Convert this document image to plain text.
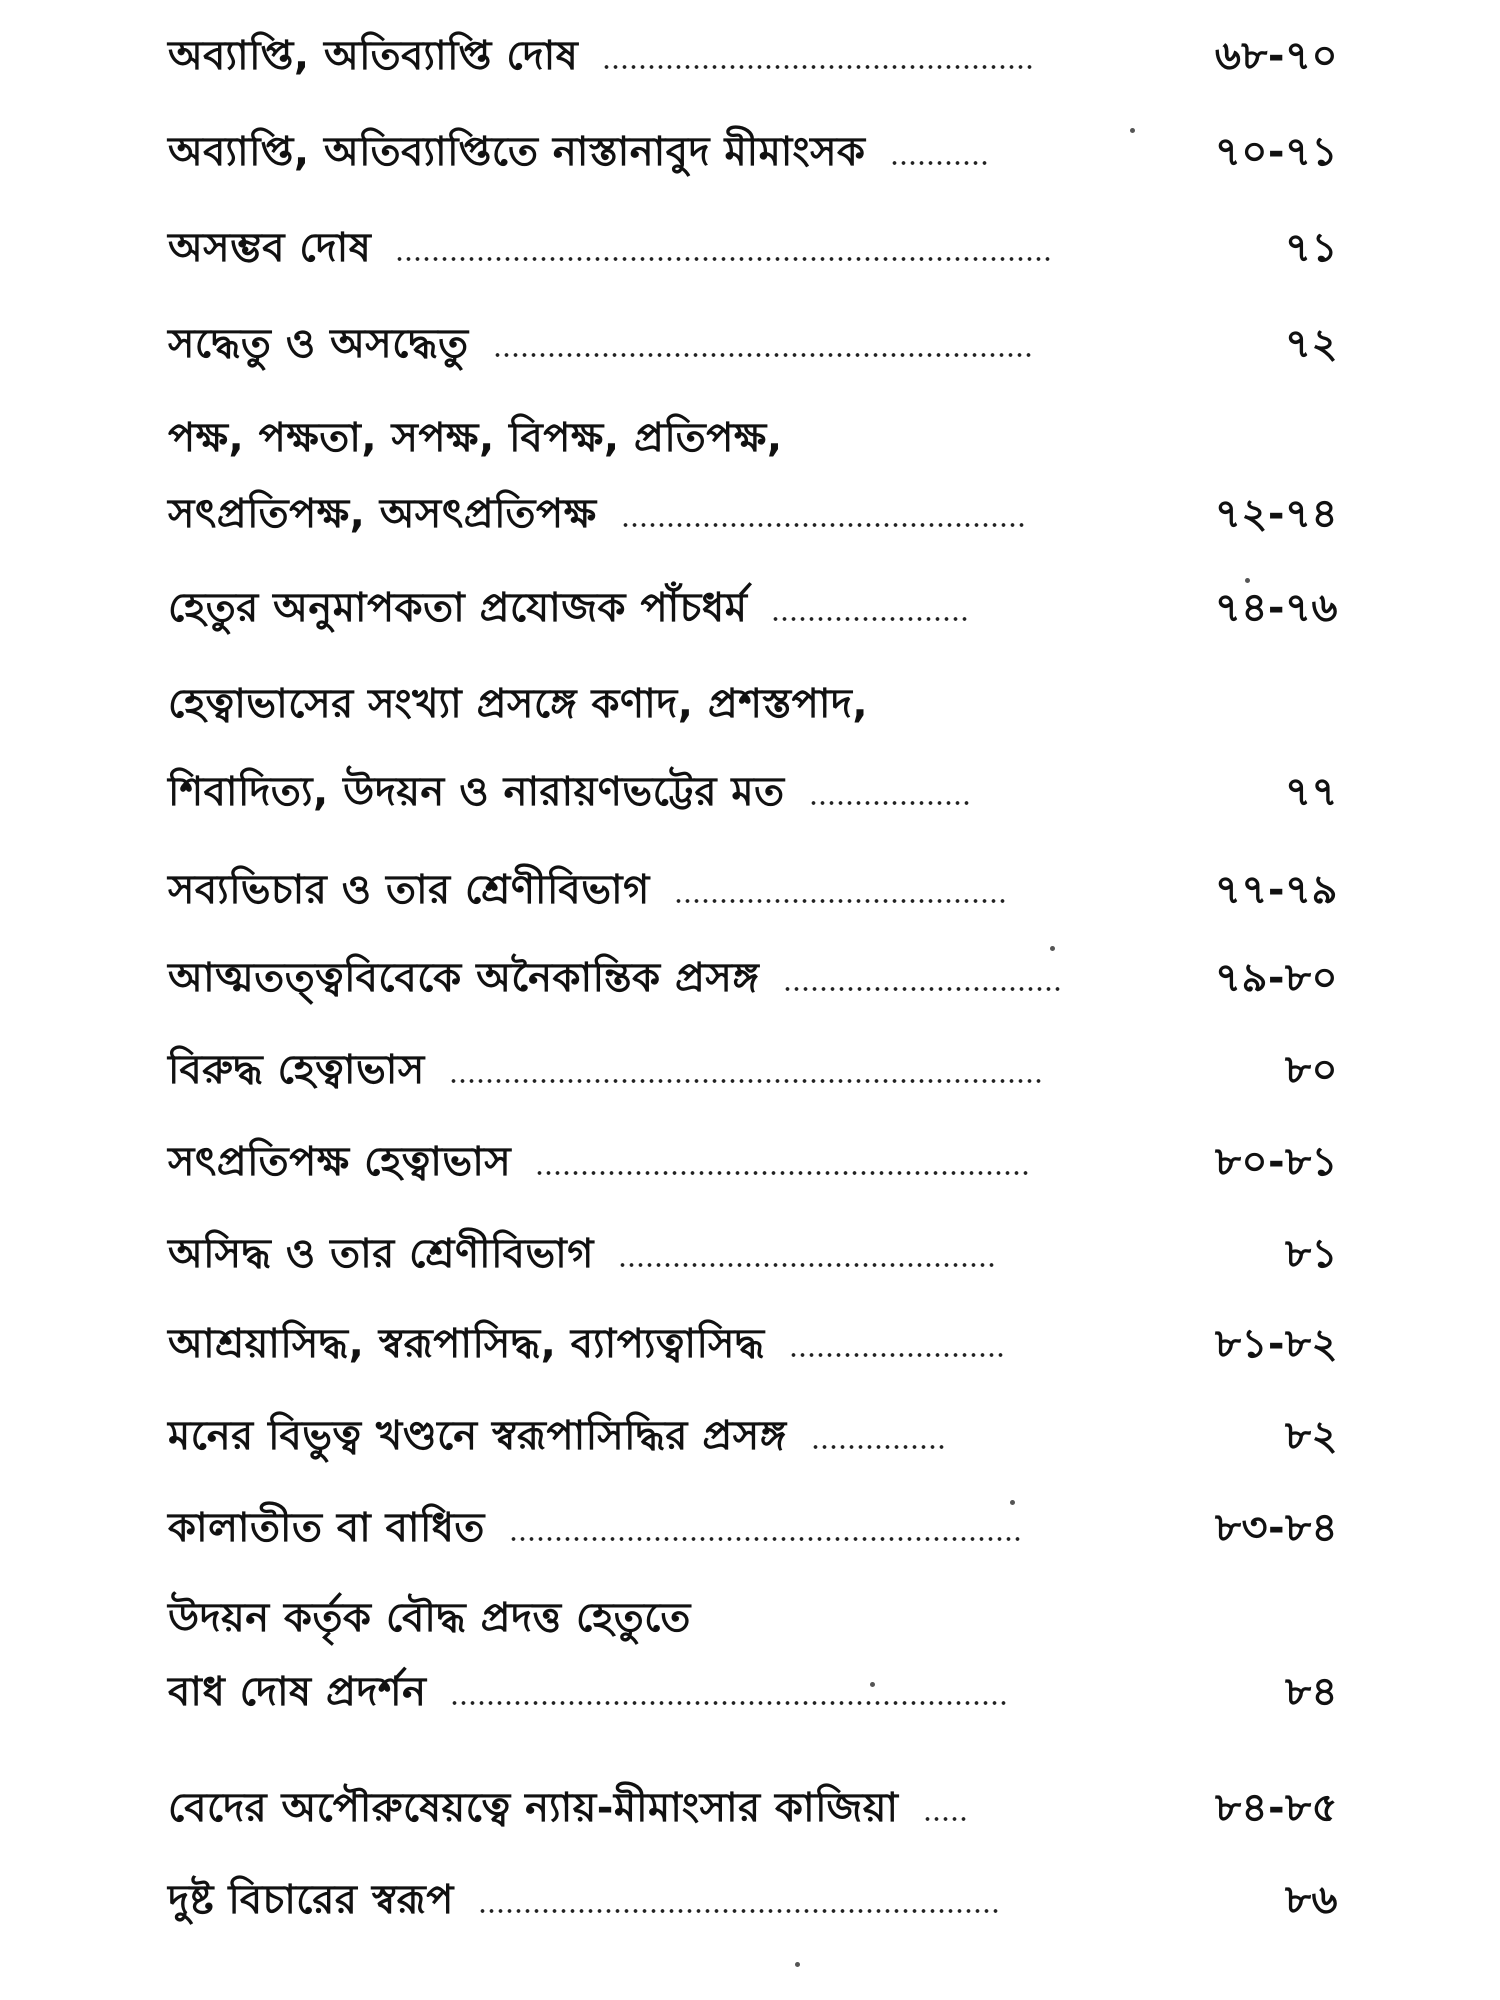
অব্যাপ্তি, অতিব্যাপ্তি দোষ	৬৮-৭০
অব্যাপ্তি, অতিব্যাপ্তিতে নাস্তানাবুদ মীমাংসক	৭০-৭১
অসম্ভব দোষ	৭১
সদ্ধেতু ও অসদ্ধেতু	৭২
পক্ষ, পক্ষতা, সপক্ষ, বিপক্ষ, প্রতিপক্ষ,
সৎপ্রতিপক্ষ, অসৎপ্রতিপক্ষ	৭২-৭৪
হেতুর অনুমাপকতা প্রযোজক পাঁচধর্ম	৭৪-৭৬
হেত্বাভাসের সংখ্যা প্রসঙ্গে কণাদ, প্রশস্তপাদ,
শিবাদিত্য, উদয়ন ও নারায়ণভট্টের মত	৭৭
সব্যভিচার ও তার শ্রেণীবিভাগ	৭৭-৭৯
আত্মতত্ত্ববিবেকে অনৈকান্তিক প্রসঙ্গ	৭৯-৮০
বিরুদ্ধ হেত্বাভাস	৮০
সৎপ্রতিপক্ষ হেত্বাভাস	৮০-৮১
অসিদ্ধ ও তার শ্রেণীবিভাগ	৮১
আশ্রয়াসিদ্ধ, স্বরূপাসিদ্ধ, ব্যাপ্যত্বাসিদ্ধ	৮১-৮২
মনের বিভুত্ব খণ্ডনে স্বরূপাসিদ্ধির প্রসঙ্গ	৮২
কালাতীত বা বাধিত	৮৩-৮৪
উদয়ন কর্তৃক বৌদ্ধ প্রদত্ত হেতুতে
বাধ দোষ প্রদর্শন	৮৪
বেদের অপৌরুষেয়ত্বে ন্যায়-মীমাংসার কাজিয়া	৮৪-৮৫
দুষ্ট বিচারের স্বরূপ	৮৬
